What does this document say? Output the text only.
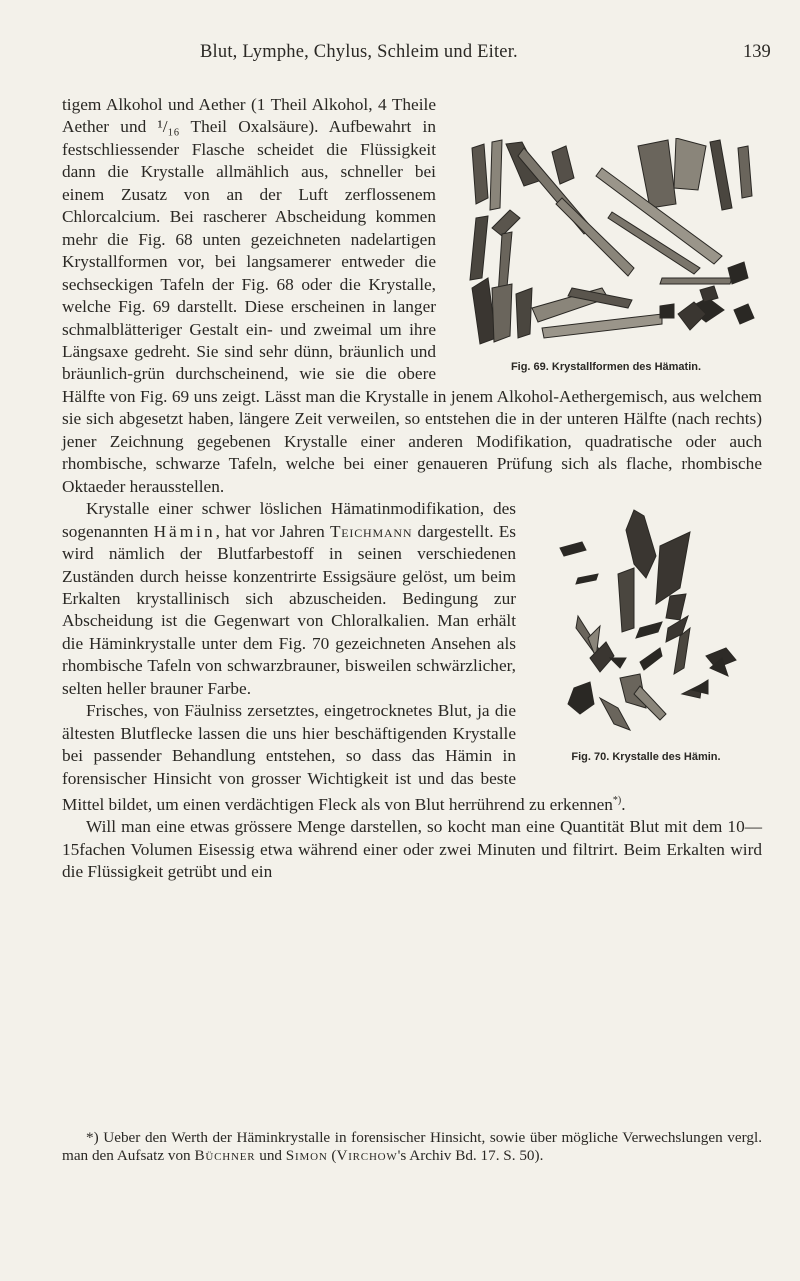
Blut, Lymphe, Chylus, Schleim und Eiter.	139
Fig. 69. Krystallformen des Hämatin.

tigem Alkohol und Aether (1 Theil Alkohol, 4 Theile Aether und ¹/₁₆ Theil Oxalsäure). Aufbewahrt in festschliessender Flasche scheidet die Flüssigkeit dann die Krystalle allmählich aus, schneller bei einem Zusatz von an der Luft zerflossenem Chlorcalcium. Bei rascherer Abscheidung kommen mehr die Fig. 68 unten gezeichneten nadelartigen Krystallformen vor, bei langsamerer entweder die sechseckigen Tafeln der Fig. 68 oder die Krystalle, welche Fig. 69 darstellt. Diese erscheinen in langer schmalblätteriger Gestalt ein- und zweimal um ihre Längsaxe gedreht. Sie sind sehr dünn, bräunlich und bräunlich-grün durchscheinend, wie sie die obere Hälfte von Fig. 69 uns zeigt. Lässt man die Krystalle in jenem Alkohol-Aethergemisch, aus welchem sie sich abgesetzt haben, längere Zeit verweilen, so entstehen die in der unteren Hälfte (nach rechts) jener Zeichnung gegebenen Krystalle einer anderen Modifikation, quadratische oder auch rhombische, schwarze Tafeln, welche bei einer genaueren Prüfung sich als flache, rhombische Oktaeder herausstellen.

Fig. 70. Krystalle des Hämin.

Krystalle einer schwer löslichen Hämatinmodifikation, des sogenannten Hämin, hat vor Jahren Teichmann dargestellt. Es wird nämlich der Blutfarbestoff in seinen verschiedenen Zuständen durch heisse konzentrirte Essigsäure gelöst, um beim Erkalten krystallinisch sich abzuscheiden. Bedingung zur Abscheidung ist die Gegenwart von Chloralkalien. Man erhält die Häminkrystalle unter dem Fig. 70 gezeichneten Ansehen als rhombische Tafeln von schwarzbrauner, bisweilen schwärzlicher, selten heller brauner Farbe.

Frisches, von Fäulniss zersetztes, eingetrocknetes Blut, ja die ältesten Blutflecke lassen die uns hier beschäftigenden Krystalle bei passender Behandlung entstehen, so dass das Hämin in forensischer Hinsicht von grosser Wichtigkeit ist und das beste Mittel bildet, um einen verdächtigen Fleck als von Blut herrührend zu erkennen*).

Will man eine etwas grössere Menge darstellen, so kocht man eine Quantität Blut mit dem 10—15fachen Volumen Eisessig etwa während einer oder zwei Minuten und filtrirt. Beim Erkalten wird die Flüssigkeit getrübt und ein

*) Ueber den Werth der Häminkrystalle in forensischer Hinsicht, sowie über mögliche Verwechslungen vergl. man den Aufsatz von Büchner und Simon (Virchow's Archiv Bd. 17. S. 50).
